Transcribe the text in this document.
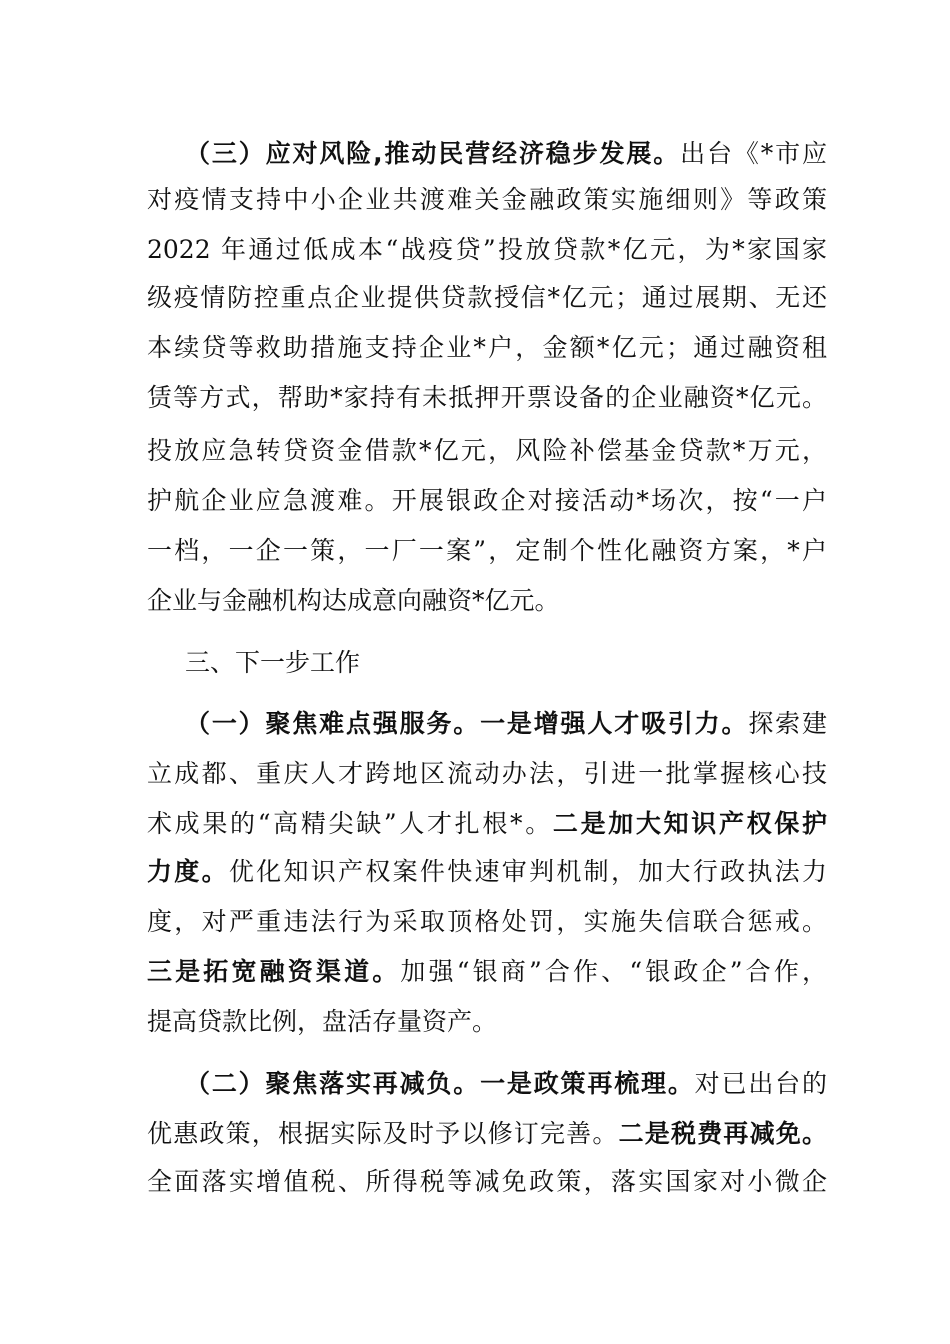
（三）应对风险,推动民营经济稳步发展。出台《*市应
对疫情支持中小企业共渡难关金融政策实施细则》等政策
2022 年通过低成本“战疫贷”投放贷款*亿元，为*家国家
级疫情防控重点企业提供贷款授信*亿元；通过展期、无还
本续贷等救助措施支持企业*户，金额*亿元；通过融资租
赁等方式，帮助*家持有未抵押开票设备的企业融资*亿元。
投放应急转贷资金借款*亿元，风险补偿基金贷款*万元，
护航企业应急渡难。开展银政企对接活动*场次，按“一户
一档，一企一策，一厂一案”，定制个性化融资方案，*户
企业与金融机构达成意向融资*亿元。
三、下一步工作
（一）聚焦难点强服务。一是增强人才吸引力。探索建
立成都、重庆人才跨地区流动办法，引进一批掌握核心技
术成果的“高精尖缺”人才扎根*。二是加大知识产权保护
力度。优化知识产权案件快速审判机制，加大行政执法力
度，对严重违法行为采取顶格处罚，实施失信联合惩戒。
三是拓宽融资渠道。加强“银商”合作、“银政企”合作，
提高贷款比例，盘活存量资产。
（二）聚焦落实再减负。一是政策再梳理。对已出台的
优惠政策，根据实际及时予以修订完善。二是税费再减免。
全面落实增值税、所得税等减免政策，落实国家对小微企
